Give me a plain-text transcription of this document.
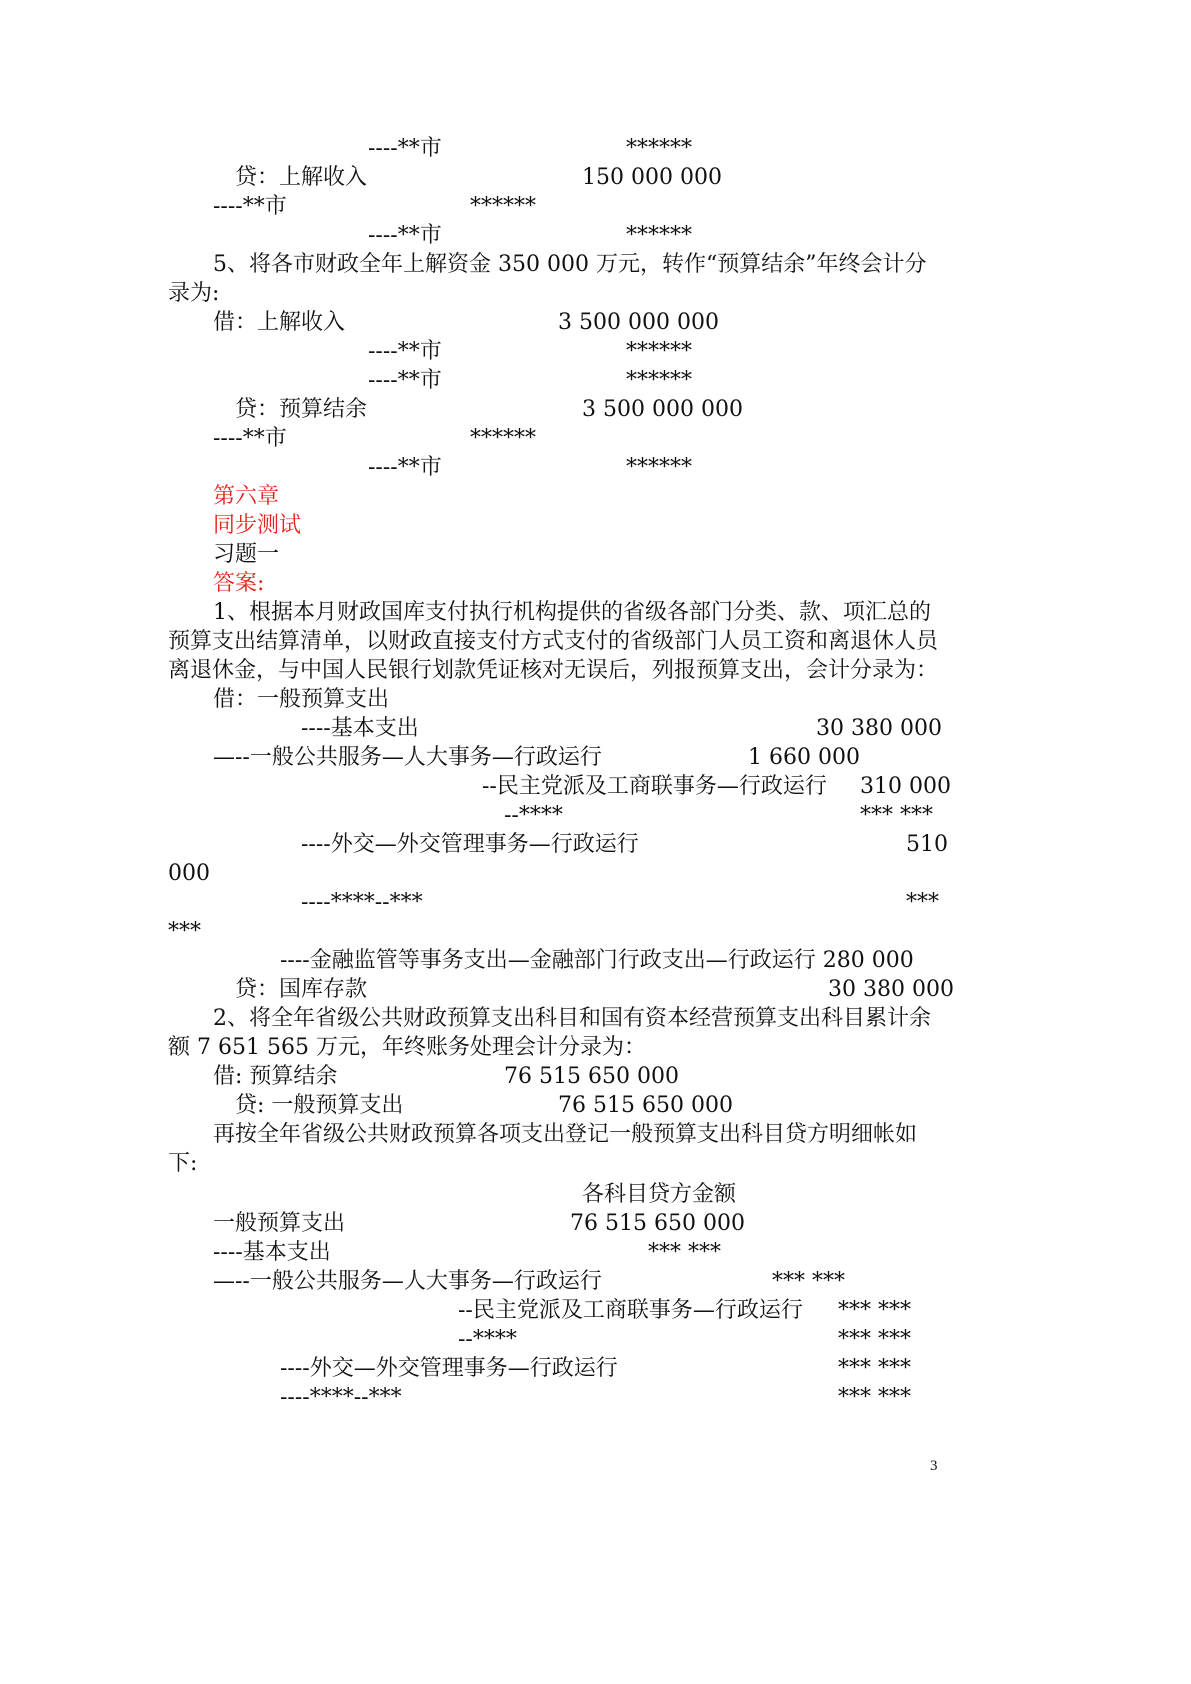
----**市	******
贷：上解收入	150 000 000
----**市	******
----**市	******
5、将各市财政全年上解资金 350 000 万元，转作“预算结余”年终会计分
录为:
借：上解收入	3 500 000 000
----**市	******
----**市	******
贷：预算结余	3 500 000 000
----**市	******
----**市	******
第六章
同步测试
习题一
答案:
1、根据本月财政国库支付执行机构提供的省级各部门分类、款、项汇总的
预算支出结算清单，以财政直接支付方式支付的省级部门人员工资和离退休人员
离退休金，与中国人民银行划款凭证核对无误后，列报预算支出，会计分录为：
借：一般预算支出
----基本支出	30 380 000
—--一般公共服务—人大事务—行政运行	1 660 000
--民主党派及工商联事务—行政运行 310 000
--****	*** ***
----外交—外交管理事务—行政运行	510
000
----****--***	***
***
----金融监管等事务支出—金融部门行政支出—行政运行 280 000
贷：国库存款	30 380 000
2、将全年省级公共财政预算支出科目和国有资本经营预算支出科目累计余
额 7 651 565 万元，年终账务处理会计分录为：
借: 预算结余	76 515 650 000
贷: 一般预算支出	76 515 650 000
再按全年省级公共财政预算各项支出登记一般预算支出科目贷方明细帐如
下:
各科目贷方金额
一般预算支出	76 515 650 000
----基本支出	*** ***
—--一般公共服务—人大事务—行政运行	*** ***
--民主党派及工商联事务—行政运行 *** ***
--****	*** ***
----外交—外交管理事务—行政运行	*** ***
----****--***	*** ***
3
